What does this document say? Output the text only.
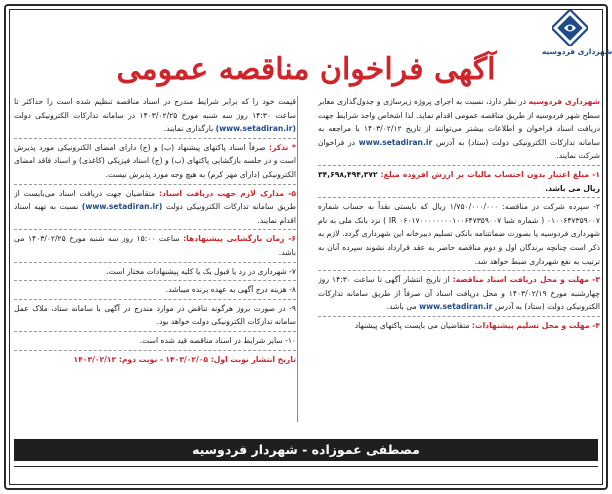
شهرداری فردوسیه
آگهی فراخوان مناقصه عمومی
شهرداری فردوسیه در نظر دارد، نسبت به اجرای پروژه زیرسازی و جدول‌گذاری معابر سطح شهر فردوسیه از طریق مناقصه عمومی اقدام نماید. لذا اشخاص واجد شرایط جهت دریافت اسناد فراخوان و اطلاعات بیشتر می‌توانند از تاریخ ۱۴۰۳/۰۲/۱۲ با مراجعه به سامانه تدارکات الکترونیکی دولت (ستاد) به آدرس www.setadiran.ir در فراخوان شرکت نمایند.
۱- مبلغ اعتبار بدون احتساب مالیات بر ارزش افزوده مبلغ: ۳۴,۶۹۸,۴۹۴,۳۷۲ ریال می باشد.
۲- سپرده شرکت در مناقصه: ۱/۷۵۰/۰۰۰/۰۰۰ ریال که بایستی نقداً به حساب شماره ۰۱۰۰۶۴۷۳۵۹۰۰۷ ( شماره شبا IR ۰۶۰۱۷۰۰۰۰۰۰۰۰۱۰۰۶۴۷۳۵۹۰۰۷ ) نزد بانک ملی به نام شهرداری فردوسیه یا بصورت ضمانتنامه بانکی تسلیم دبیرخانه این شهرداری گردد. لازم به ذکر است چنانچه برندگان اول و دوم مناقصه حاضر به عقد قرارداد نشوند سپرده آنان به ترتیب به نفع شهرداری ضبط خواهد شد.
۳- مهلت و محل دریافت اسناد مناقصه: از تاریخ انتشار آگهی تا ساعت ۱۴:۳۰ روز چهارشنبه مورخ ۱۴۰۳/۰۲/۱۹ و محل دریافت اسناد آن صرفاً از طریق سامانه تدارکات الکترونیکی دولت (ستاد) به آدرس www.setadiran.ir می باشد.
۴- مهلت و محل تسلیم پیشنهادات: متقاضیان می بایست پاکتهای پیشنهاد
قیمت خود را که برابر شرایط مندرج در اسناد مناقصه تنظیم شده است را حداکثر تا ساعت ۱۴:۳۰ روز سه شنبه مورخ ۱۴۰۳/۰۲/۲۵ در سامانه تدارکات الکترونیکی دولت (www.setadiran.ir) بارگذاری نمایند.
* تذکر: صرفاً اسناد پاکتهای پیشنهاد (ب) و (ج) دارای امضای الکترونیکی مورد پذیرش است و در جلسه بازگشایی پاکتهای (ب) و (ج) اسناد فیزیکی (کاغذی) و اسناد فاقد امضای الکترونیکی (دارای مهر کرم) به هیچ وجه مورد پذیرش نیست.
۵- مدارک لازم جهت دریافت اسناد: متقاضیان جهت دریافت اسناد می‌بایست از طریق سامانه تدارکات الکترونیکی دولت (www.setadiran.ir) نسبت به تهیه اسناد اقدام نمایند.
۶- زمان بازگشایی پیشنهادها: ساعت ۱۵:۰۰ روز سه شنبه مورخ ۱۴۰۳/۰۲/۲۵ می باشد.
۷- شهرداری در رد یا قبول یک یا کلیه پیشنهادات مختار است.
۸- هزینه درج آگهی به عهده برنده میباشد.
۹- در صورت بروز هرگونه تناقض در موارد مندرج در آگهی با سامانه ستاد، ملاک عمل سامانه تدارکات الکترونیکی دولت خواهد بود.
۱۰- سایر شرایط در اسناد مناقصه قید شده است.
تاریخ انتشار نوبت اول: ۱۴۰۳/۰۲/۰۵ - نوبت دوم: ۱۴۰۳/۰۲/۱۲
مصطفی عموزاده - شهردار فردوسیه
